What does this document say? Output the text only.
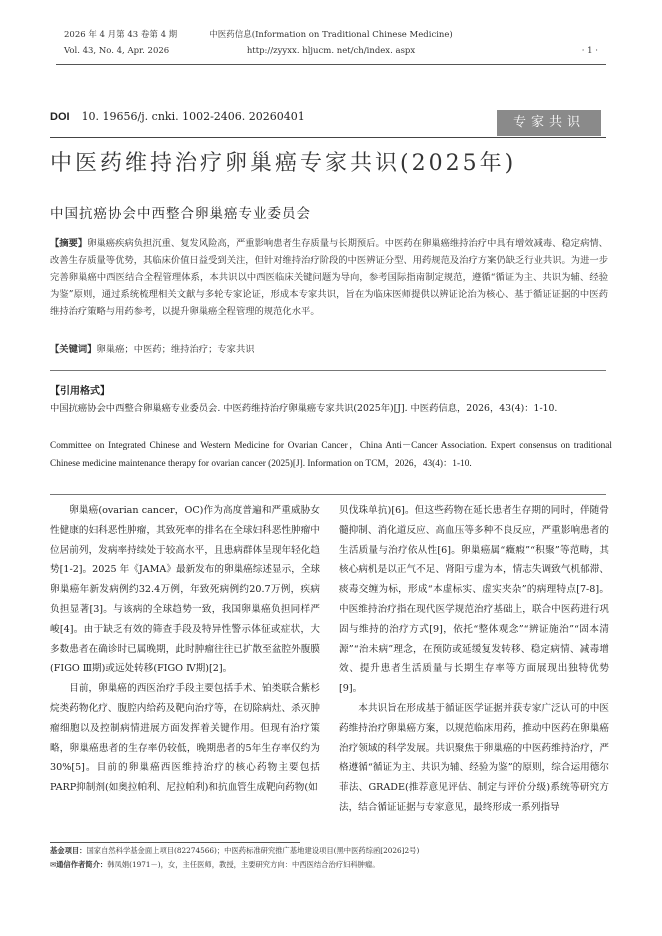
2026 年 4 月第 43 卷第 4 期
Vol. 43, No. 4, Apr. 2026
中医药信息(Information on Traditional Chinese Medicine)
http://zyyxx. hljucm. net/ch/index. aspx
	· 1 ·
DOI 10. 19656/j. cnki. 1002-2406. 20260401	专家共识
中医药维持治疗卵巢癌专家共识(2025年)
中国抗癌协会中西整合卵巢癌专业委员会
【摘要】卵巢癌疾病负担沉重、复发风险高，严重影响患者生存质量与长期预后。中医药在卵巢癌维持治疗中具有增效减毒、稳定病情、改善生存质量等优势，其临床价值日益受到关注，但针对维持治疗阶段的中医辨证分型、用药规范及治疗方案仍缺乏行业共识。为进一步完善卵巢癌中西医结合全程管理体系，本共识以中西医临床关键问题为导向，参考国际指南制定规范，遵循“循证为主、共识为辅、经验为鉴”原则，通过系统梳理相关文献与多轮专家论证，形成本专家共识，旨在为临床医师提供以辨证论治为核心、基于循证证据的中医药维持治疗策略与用药参考，以提升卵巢癌全程管理的规范化水平。
【关键词】卵巢癌；中医药；维持治疗；专家共识
【引用格式】
中国抗癌协会中西整合卵巢癌专业委员会. 中医药维持治疗卵巢癌专家共识(2025年)[J]. 中医药信息，2026，43(4)：1-10.
Committee on Integrated Chinese and Western Medicine for Ovarian Cancer，China Anti－Cancer Association. Expert consensus on traditional Chinese medicine maintenance therapy for ovarian cancer (2025)[J]. Information on TCM，2026，43(4)：1-10.

卵巢癌(ovarian cancer，OC)作为高度普遍和严重威胁女性健康的妇科恶性肿瘤，其致死率的排名在全球妇科恶性肿瘤中位居前列，发病率持续处于较高水平，且患病群体呈现年轻化趋势[1-2]。2025 年《JAMA》最新发布的卵巢癌综述显示，全球卵巢癌年新发病例约32.4万例，年致死病例约20.7万例，疾病负担显著[3]。与该病的全球趋势一致，我国卵巢癌负担同样严峻[4]。由于缺乏有效的筛查手段及特异性警示体征或症状，大多数患者在确诊时已属晚期，此时肿瘤往往已扩散至盆腔外腹膜(FIGO Ⅲ期)或远处转移(FIGO Ⅳ期)[2]。

目前，卵巢癌的西医治疗手段主要包括手术、铂类联合紫杉烷类药物化疗、腹腔内给药及靶向治疗等，在切除病灶、杀灭肿瘤细胞以及控制病情进展方面发挥着关键作用。但现有治疗策略，卵巢癌患者的生存率仍较低，晚期患者的5年生存率仅约为30%[5]。目前的卵巢癌西医维持治疗的核心药物主要包括PARP抑制剂(如奥拉帕利、尼拉帕利)和抗血管生成靶向药物(如

贝伐珠单抗)[6]。但这些药物在延长患者生存期的同时，伴随骨髓抑制、消化道反应、高血压等多种不良反应，严重影响患者的生活质量与治疗依从性[6]。卵巢癌属“癥瘕”“积聚”等范畴，其核心病机是以正气不足、肾阳亏虚为本，情志失调致气机郁滞、痰毒交缠为标，形成“本虚标实、虚实夹杂”的病理特点[7-8]。中医维持治疗指在现代医学规范治疗基础上，联合中医药进行巩固与维持的治疗方式[9]，依托“整体观念”“辨证施治”“固本清源”“治未病”理念，在预防或延缓复发转移、稳定病情、减毒增效、提升患者生活质量与长期生存率等方面展现出独特优势[9]。

本共识旨在形成基于循证医学证据并获专家广泛认可的中医药维持治疗卵巢癌方案，以规范临床用药，推动中医药在卵巢癌治疗领域的科学发展。共识聚焦于卵巢癌的中医药维持治疗，严格遵循“循证为主、共识为辅、经验为鉴”的原则，综合运用德尔菲法、GRADE(推荐意见评估、制定与评价分级)系统等研究方法，结合循证证据与专家意见，最终形成一系列指导

基金项目：国家自然科学基金面上项目(82274566)；中医药标准研究推广基地建设项目(黑中医药综函[2026]2号)
✉通信作者简介：韩凤娟(1971－)，女，主任医师，教授，主要研究方向：中西医结合治疗妇科肿瘤。
